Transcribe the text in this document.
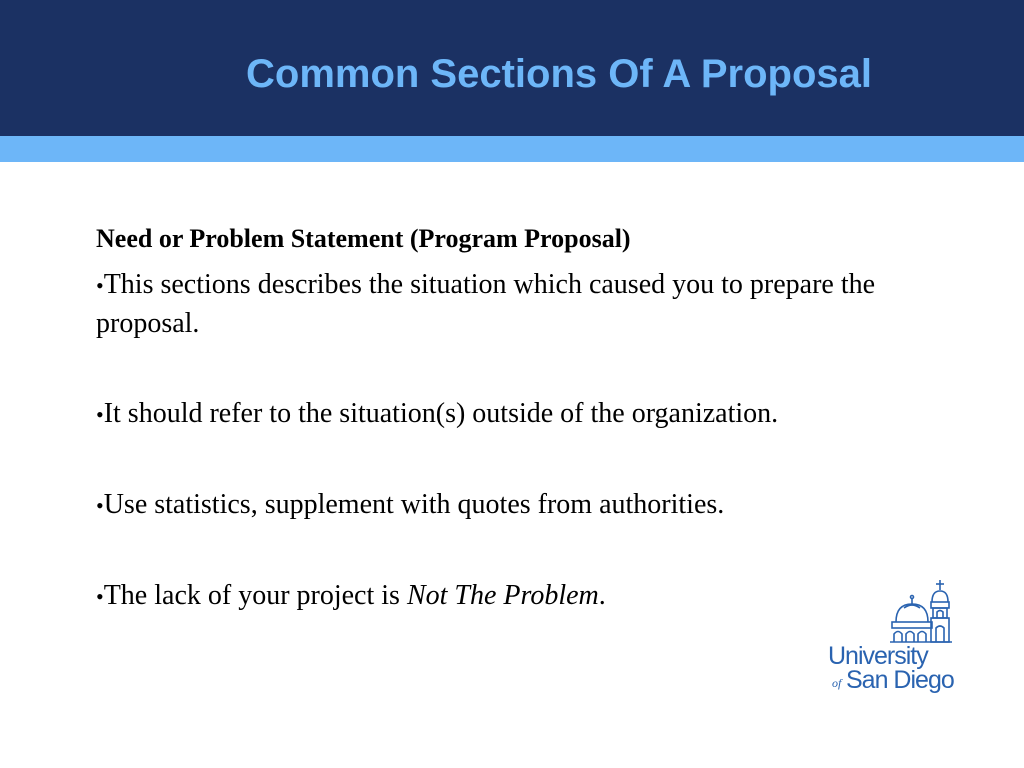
Common Sections Of A Proposal
Need or Problem Statement (Program Proposal)
•This sections describes the situation which caused you to prepare the proposal.
•It should refer to the situation(s) outside of the organization.
•Use statistics, supplement with quotes from authorities.
•The lack of your project is Not The Problem.
University
of San Diego
